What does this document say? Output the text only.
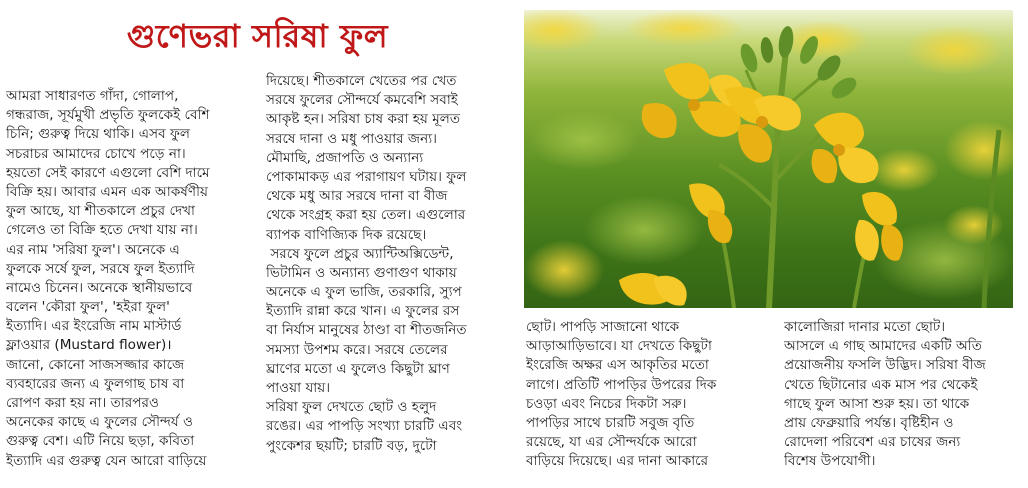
গুণেভরা সরিষা ফুল
আমরা সাধারণত গাঁদা, গোলাপ,
গন্ধরাজ, সূর্যমুখী প্রভৃতি ফুলকেই বেশি
চিনি; গুরুত্ব দিয়ে থাকি। এসব ফুল
সচরাচর আমাদের চোখে পড়ে না।
হয়তো সেই কারণে এগুলো বেশি দামে
বিক্রি হয়। আবার এমন এক আকর্ষণীয়
ফুল আছে, যা শীতকালে প্রচুর দেখা
গেলেও তা বিক্রি হতে দেখা যায় না।
এর নাম 'সরিষা ফুল'। অনেকে এ
ফুলকে সর্ষে ফুল, সরষে ফুল ইত্যাদি
নামেও চিনেন। অনেকে স্থানীয়ভাবে
বলেন 'কৌরা ফুল', 'হইরা ফুল'
ইত্যাদি। এর ইংরেজি নাম মাস্টার্ড
ফ্লাওয়ার (Mustard flower)।
জানো, কোনো সাজসজ্জার কাজে
ব্যবহারের জন্য এ ফুলগাছ চাষ বা
রোপণ করা হয় না। তারপরও
অনেকের কাছে এ ফুলের সৌন্দর্য ও
গুরুত্ব বেশ। এটি নিয়ে ছড়া, কবিতা
ইত্যাদি এর গুরুত্ব যেন আরো বাড়িয়ে
দিয়েছে। শীতকালে খেতের পর খেত
সরষে ফুলের সৌন্দর্যে কমবেশি সবাই
আকৃষ্ট হন। সরিষা চাষ করা হয় মূলত
সরষে দানা ও মধু পাওয়ার জন্য।
মৌমাছি, প্রজাপতি ও অন্যান্য
পোকামাকড় এর পরাগায়ণ ঘটায়। ফুল
থেকে মধু আর সরষে দানা বা বীজ
থেকে সংগ্রহ করা হয় তেল। এগুলোর
ব্যাপক বাণিজ্যিক দিক রয়েছে।
সরষে ফুলে প্রচুর অ্যান্টিঅক্সিডেন্ট,
ভিটামিন ও অন্যান্য গুণাগুণ থাকায়
অনেকে এ ফুল ভাজি, তরকারি, স্যুপ
ইত্যাদি রান্না করে খান। এ ফুলের রস
বা নির্যাস মানুষের ঠাণ্ডা বা শীতজনিত
সমস্যা উপশম করে। সরষে তেলের
ঘ্রাণের মতো এ ফুলেও কিছুটা ঘ্রাণ
পাওয়া যায়।
সরিষা ফুল দেখতে ছোট ও হলুদ
রঙের। এর পাপড়ি সংখ্যা চারটি এবং
পুংকেশর ছয়টি; চারটি বড়, দুটো
ছোট। পাপড়ি সাজানো থাকে
আড়াআড়িভাবে। যা দেখতে কিছুটা
ইংরেজি অক্ষর এস আকৃতির মতো
লাগে। প্রতিটি পাপড়ির উপরের দিক
চওড়া এবং নিচের দিকটা সরু।
পাপড়ির সাথে চারটি সবুজ বৃতি
রয়েছে, যা এর সৌন্দর্যকে আরো
বাড়িয়ে দিয়েছে। এর দানা আকারে
কালোজিরা দানার মতো ছোট।
আসলে এ গাছ আমাদের একটি অতি
প্রয়োজনীয় ফসলি উদ্ভিদ। সরিষা বীজ
খেতে ছিটানোর এক মাস পর থেকেই
গাছে ফুল আসা শুরু হয়। তা থাকে
প্রায় ফেব্রুয়ারি পর্যন্ত। বৃষ্টিহীন ও
রোদেলা পরিবেশ এর চাষের জন্য
বিশেষ উপযোগী।
